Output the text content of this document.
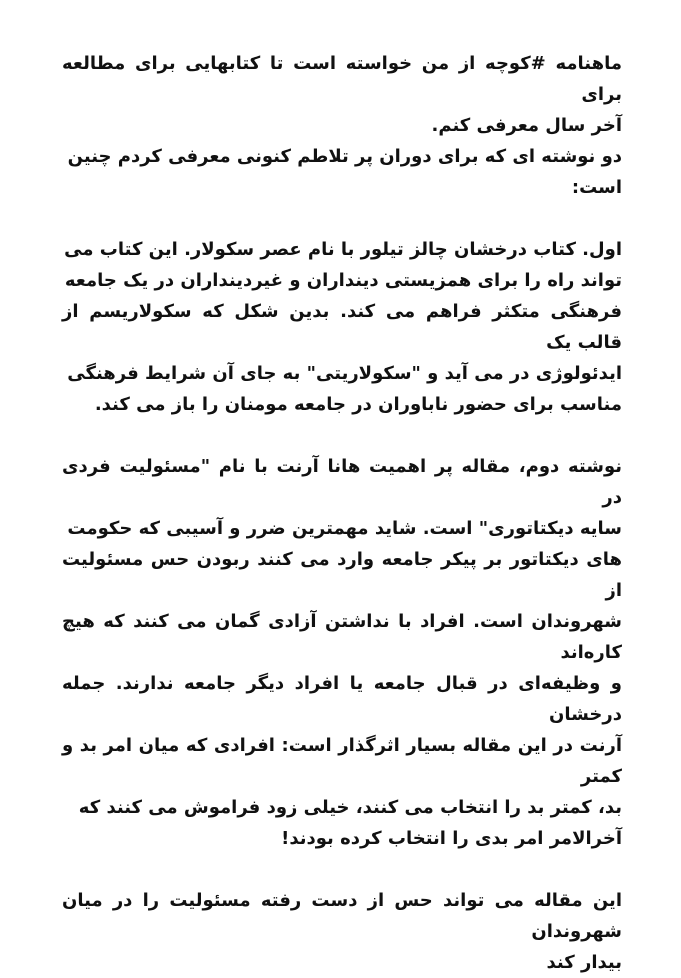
ماهنامه #کوچه از من خواسته است تا کتابهایی برای مطالعه برای
آخر سال معرفی کنم.
دو نوشته ای که برای دوران پر تلاطم کنونی معرفی کردم چنین
است:

اول. کتاب درخشان چالز تیلور با نام عصر سکولار. این کتاب می
تواند راه را برای همزیستی دینداران و غیردینداران در یک جامعه
فرهنگی متکثر فراهم می کند. بدین شکل که سکولاریسم از قالب یک
ایدئولوژی در می آید و "سکولاریتی" به جای آن شرایط فرهنگی
مناسب برای حضور ناباوران در جامعه مومنان را باز می کند.

نوشته دوم، مقاله پر اهمیت هانا آرنت با نام "مسئولیت فردی در
سایه دیکتاتوری" است. شاید مهمترین ضرر و آسیبی که حکومت
های دیکتاتور بر پیکر جامعه وارد می کنند ربودن حس مسئولیت از
شهروندان است. افراد با نداشتن آزادی گمان می کنند که هیچ کاره‌اند
و وظیفه‌ای در قبال جامعه یا افراد دیگر جامعه ندارند. جمله درخشان
آرنت در این مقاله بسیار اثرگذار است: افرادی که میان امر بد و کمتر
بد، کمتر بد را انتخاب می کنند، خیلی زود فراموش می کنند که
آخرالامر امر بدی را انتخاب کرده بودند!

این مقاله می تواند حس از دست رفته مسئولیت را در میان شهروندان
بیدار کند
